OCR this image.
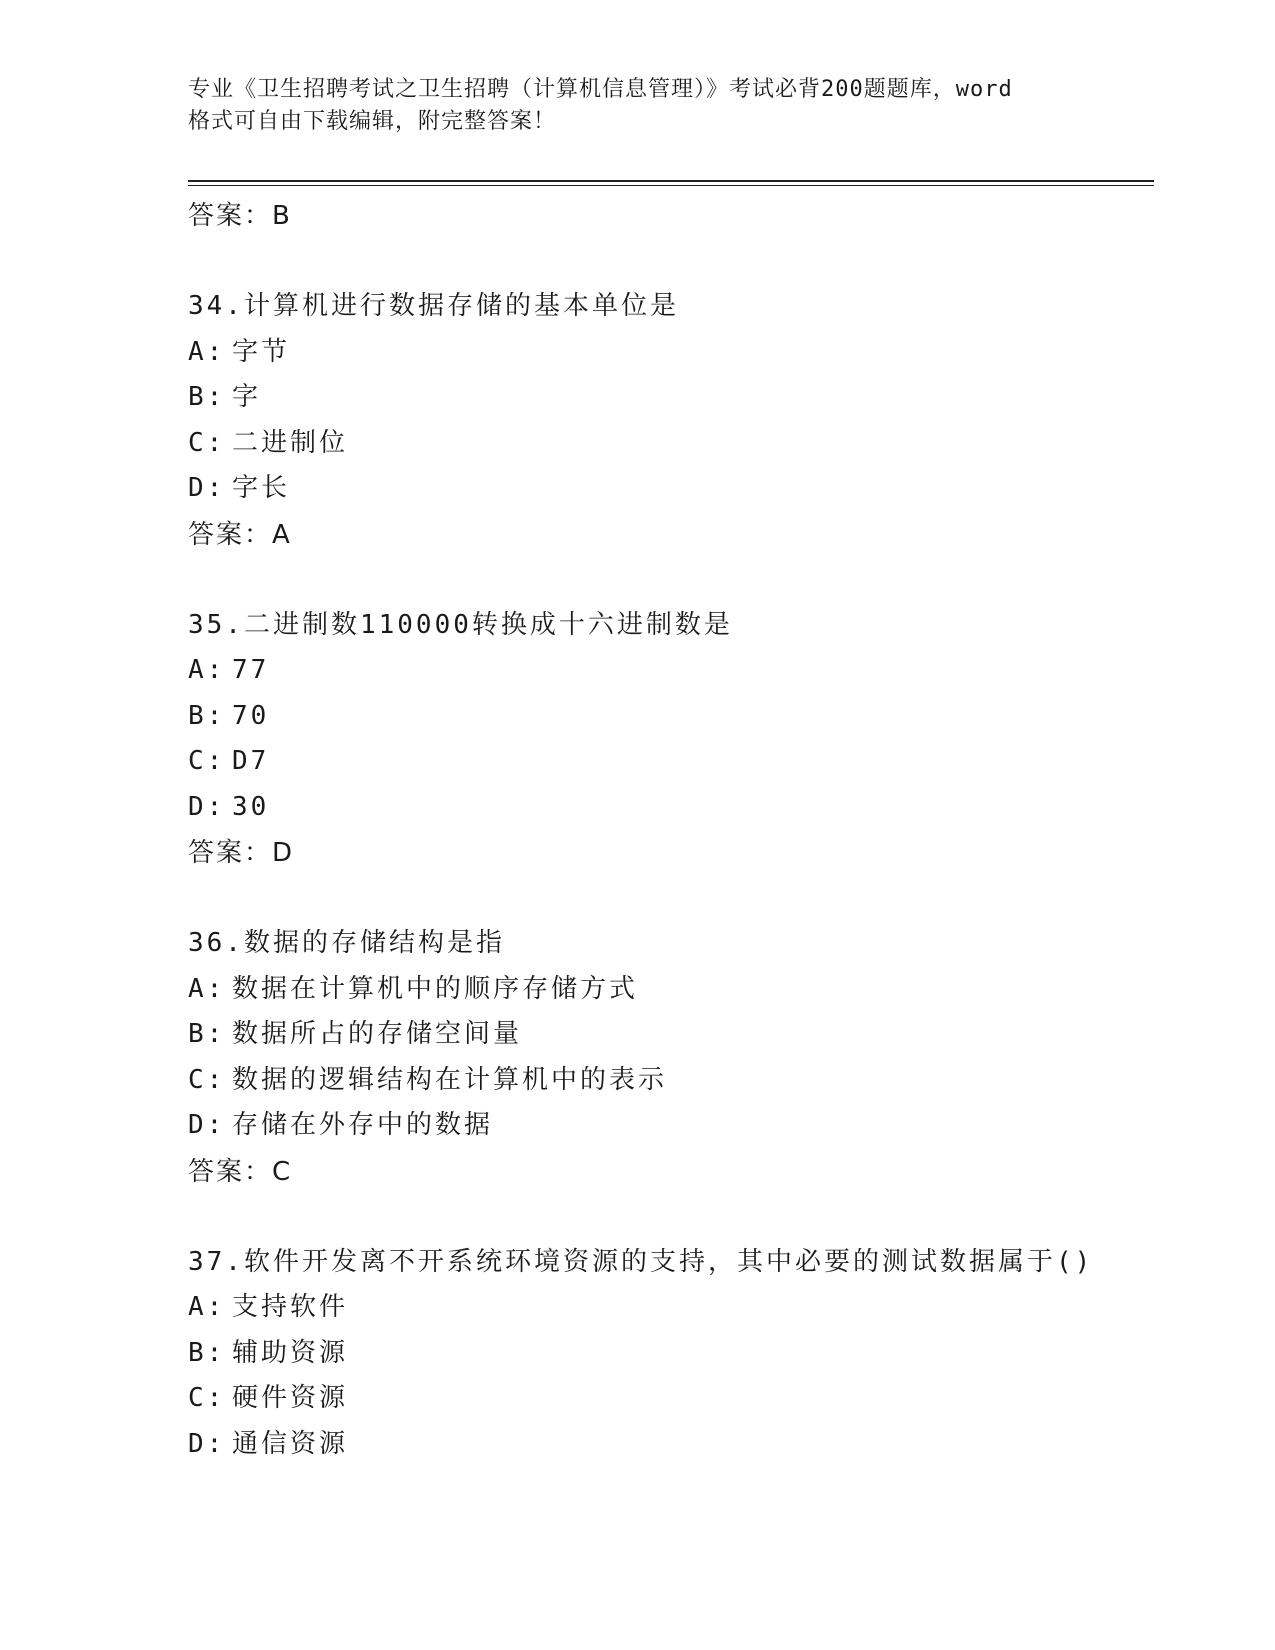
专业《卫生招聘考试之卫生招聘（计算机信息管理）》考试必背200题题库，word
格式可自由下载编辑，附完整答案！
答案：B
34.计算机进行数据存储的基本单位是
A: 字节
B: 字
C: 二进制位
D: 字长
答案：A
35.二进制数110000转换成十六进制数是
A: 77
B: 70
C: D7
D: 30
答案：D
36.数据的存储结构是指
A: 数据在计算机中的顺序存储方式
B: 数据所占的存储空间量
C: 数据的逻辑结构在计算机中的表示
D: 存储在外存中的数据
答案：C
37.软件开发离不开系统环境资源的支持，其中必要的测试数据属于()
A: 支持软件
B: 辅助资源
C: 硬件资源
D: 通信资源
